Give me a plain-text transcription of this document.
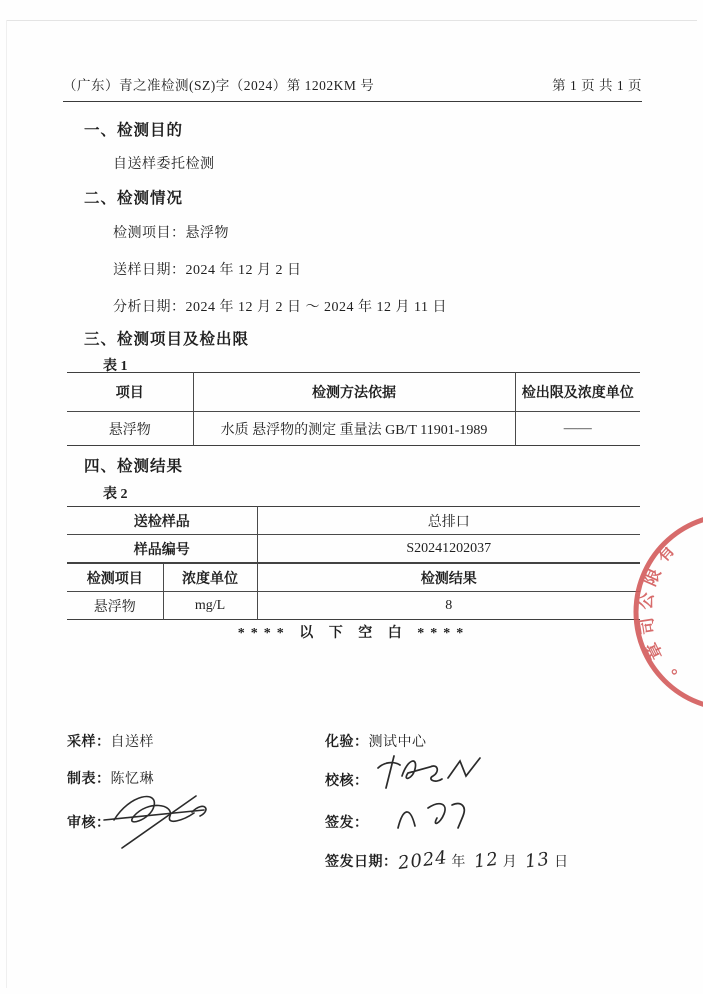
（广东）青之准检测(SZ)字（2024）第 1202KM 号	第 1 页 共 1 页
一、检测目的
自送样委托检测
二、检测情况
检测项目：悬浮物
送样日期：2024 年 12 月 2 日
分析日期：2024 年 12 月 2 日 ～ 2024 年 12 月 11 日
三、检测项目及检出限
表 1
项目	检测方法依据	检出限及浓度单位
悬浮物	水质 悬浮物的测定 重量法 GB/T 11901-1989	——
四、检测结果
表 2
送检样品		总排口
样品编号		S20241202037
检测项目	浓度单位	检测结果
悬浮物	mg/L	8
**** 以 下 空 白 ****
采样：自送样	化验：测试中心
制表：陈忆琳	校核：
审核：	签发：
签发日期：2024 年 12 月 13 日
有
限
公
司
章
。
